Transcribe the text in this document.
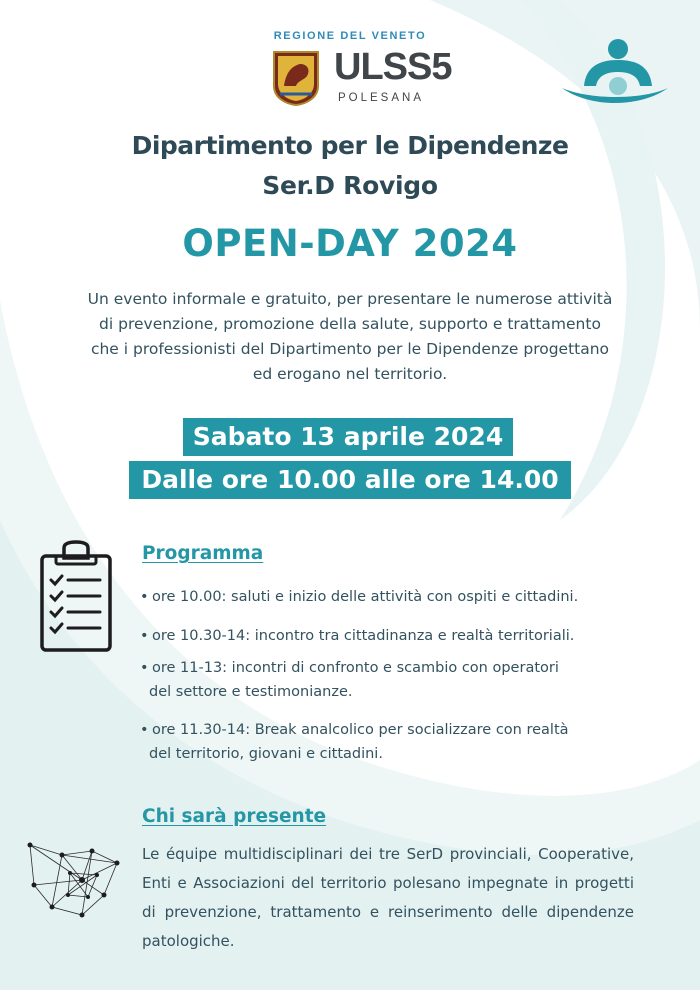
REGIONE DEL VENETO
ULSS5
POLESANA
Dipartimento per le Dipendenze
Ser.D Rovigo
OPEN-DAY 2024
Un evento informale e gratuito, per presentare le numerose attività
di prevenzione, promozione della salute, supporto e trattamento
che i professionisti del Dipartimento per le Dipendenze progettano
ed erogano nel territorio.
Sabato 13 aprile 2024
Dalle ore 10.00 alle ore 14.00
Programma
• ore 10.00: saluti e inizio delle attività con ospiti e cittadini.
• ore 10.30-14: incontro tra cittadinanza e realtà territoriali.
• ore 11-13: incontri di confronto e scambio con operatori
del settore e testimonianze.
• ore 11.30-14: Break analcolico per socializzare con realtà
del territorio, giovani e cittadini.
Chi sarà presente
Le équipe multidisciplinari dei tre SerD provinciali, Cooperative, Enti e Associazioni del territorio polesano impegnate in progetti di prevenzione, trattamento e reinserimento delle dipendenze patologiche.
